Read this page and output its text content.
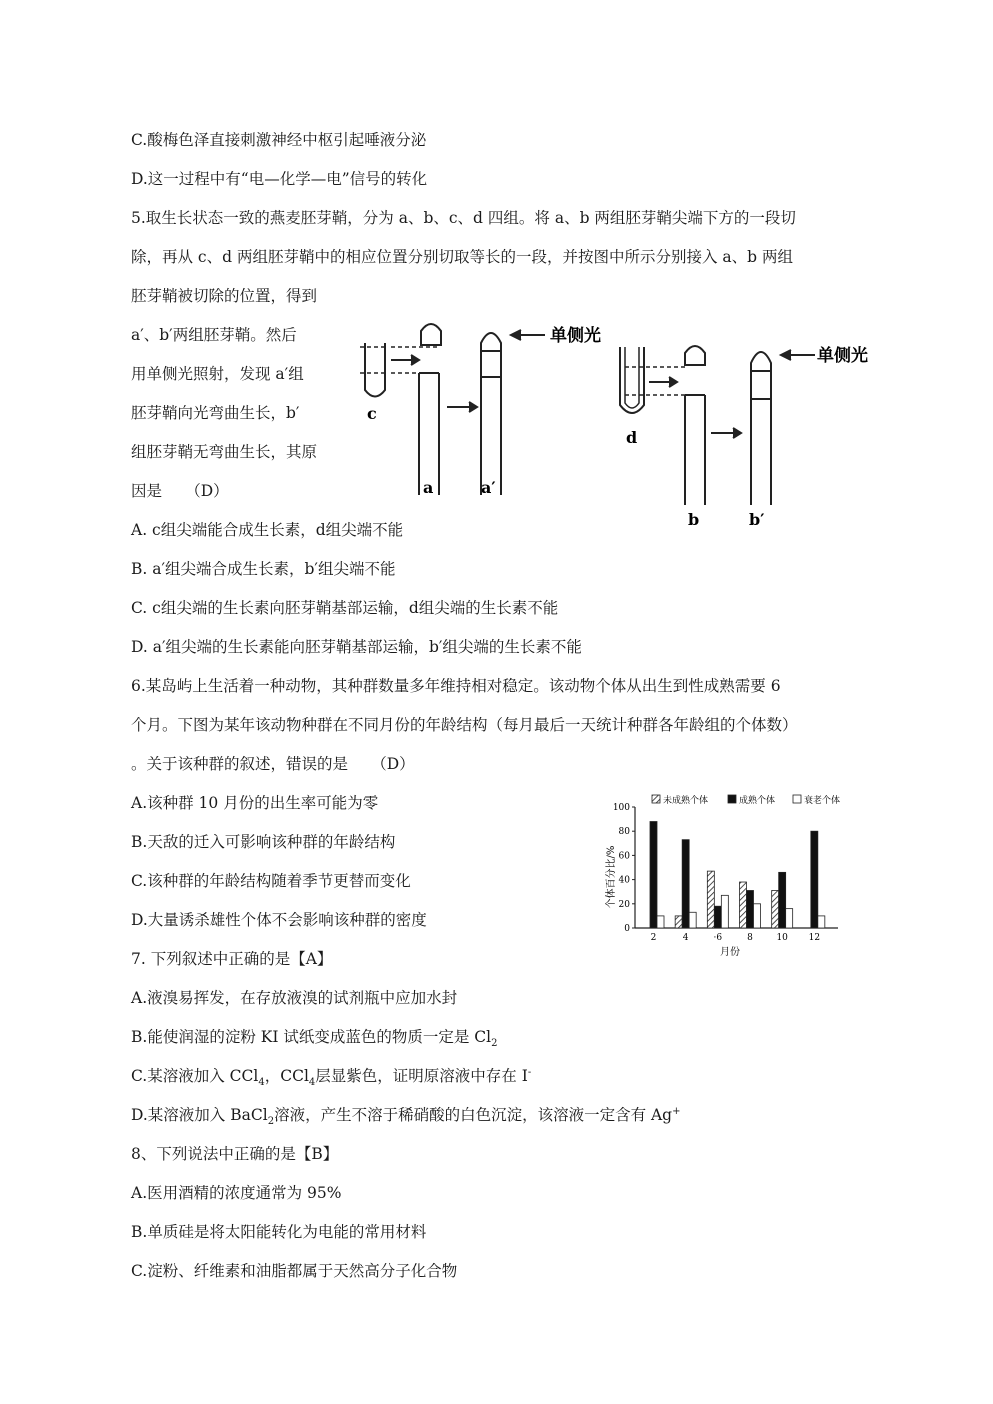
C.酸梅色泽直接刺激神经中枢引起唾液分泌
D.这一过程中有“电—化学—电”信号的转化
5.取生长状态一致的燕麦胚芽鞘，分为 a、b、c、d 四组。将 a、b 两组胚芽鞘尖端下方的一段切
除，再从 c、d 两组胚芽鞘中的相应位置分别切取等长的一段，并按图中所示分别接入 a、b 两组
胚芽鞘被切除的位置，得到
a′、b′两组胚芽鞘。然后
用单侧光照射，发现 a′组
胚芽鞘向光弯曲生长，b′
组胚芽鞘无弯曲生长，其原
因是　　（D）
单侧光
单侧光
c
a	a′
d
b	b′
A. c组尖端能合成生长素，d组尖端不能
B. a′组尖端合成生长素，b′组尖端不能
C. c组尖端的生长素向胚芽鞘基部运输，d组尖端的生长素不能
D. a′组尖端的生长素能向胚芽鞘基部运输，b′组尖端的生长素不能
6.某岛屿上生活着一种动物，其种群数量多年维持相对稳定。该动物个体从出生到性成熟需要 6
个月。下图为某年该动物种群在不同月份的年龄结构（每月最后一天统计种群各年龄组的个体数）
。关于该种群的叙述，错误的是　　（D）
A.该种群 10 月份的出生率可能为零
B.天敌的迁入可影响该种群的年龄结构
C.该种群的年龄结构随着季节更替而变化
D.大量诱杀雄性个体不会影响该种群的密度
未成熟个体	成熟个体	衰老个体
0
20
40
60
80
100
2	4	·6	8	10 12
个体百分比/%
月份
7. 下列叙述中正确的是【A】
A.液溴易挥发，在存放液溴的试剂瓶中应加水封
B.能使润湿的淀粉 KI 试纸变成蓝色的物质一定是 $Cl_2$
C.某溶液加入 CCl$_4$，CCl$_4$层显紫色，证明原溶液中存在 I-
D.某溶液加入 BaCl$_2$溶液，产生不溶于稀硝酸的白色沉淀，该溶液一定含有 Ag+
8、下列说法中正确的是【B】
A.医用酒精的浓度通常为 95%
B.单质硅是将太阳能转化为电能的常用材料
C.淀粉、纤维素和油脂都属于天然高分子化合物
